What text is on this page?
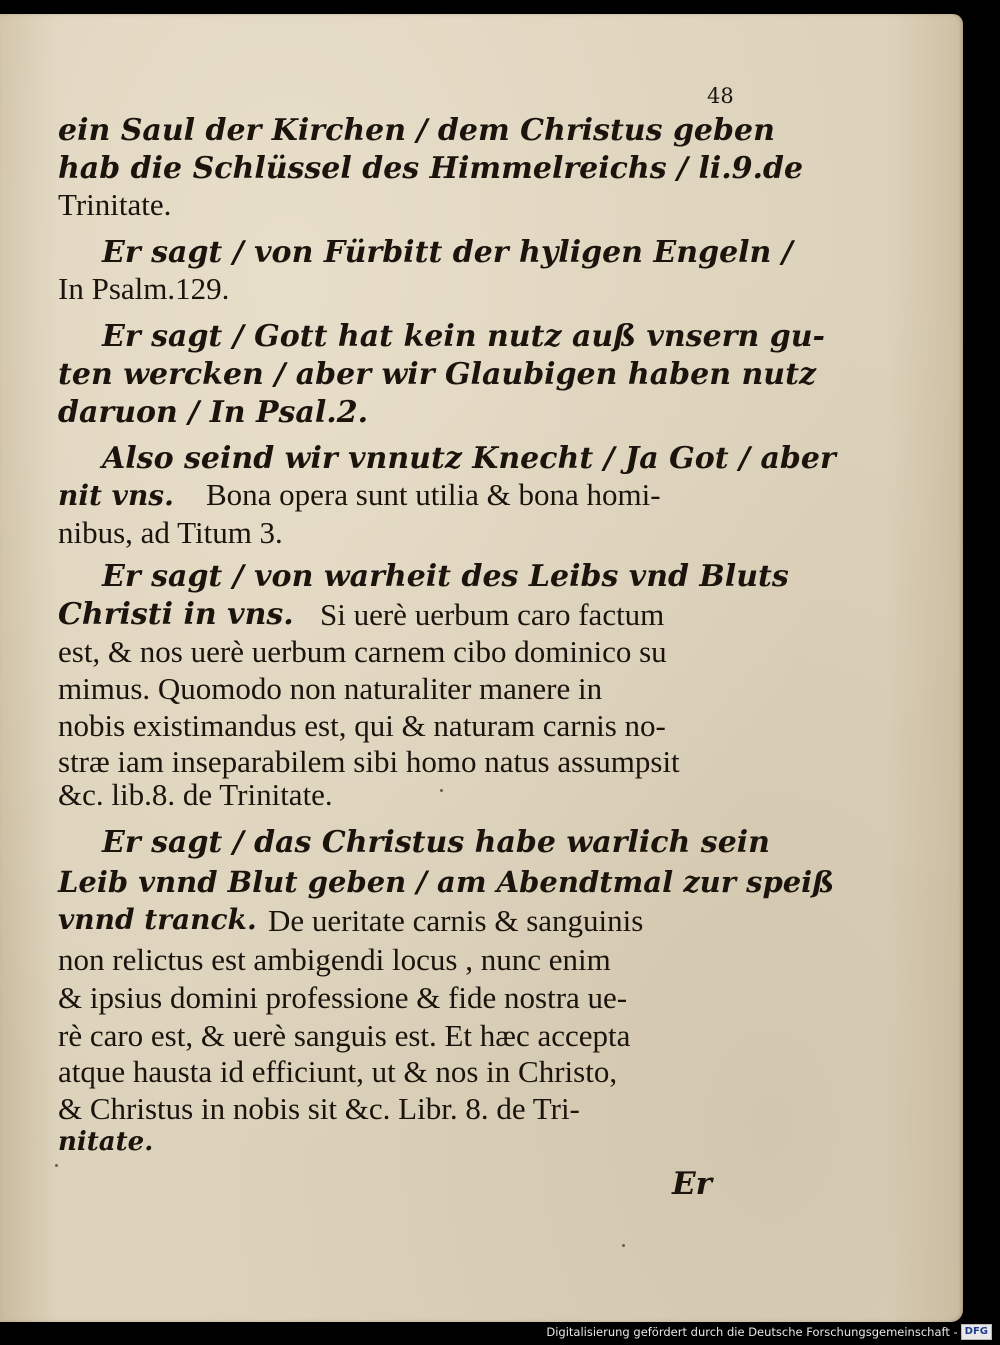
48
ein Saul der Kirchen / dem Christus geben
hab die Schlüssel des Himmelreichs / li.9.de
Trinitate.
Er sagt / von Fürbitt der hyligen Engeln /
In Psalm.129.
Er sagt / Gott hat kein nutz auß vnsern gu-
ten wercken / aber wir Glaubigen haben nutz
daruon / In Psal.2.
Also seind wir vnnutz Knecht / Ja Got / aber
nit vns. Bona opera sunt utilia & bona homi-
nibus, ad Titum 3.
Er sagt / von warheit des Leibs vnd Bluts
Christi in vns. Si uerè uerbum caro factum
est, & nos uerè uerbum carnem cibo dominico su
mimus. Quomodo non naturaliter manere in
nobis existimandus est, qui & naturam carnis no-
stræ iam inseparabilem sibi homo natus assumpsit
&c. lib.8. de Trinitate.
Er sagt / das Christus habe warlich sein
Leib vnnd Blut geben / am Abendtmal zur speiß
vnnd tranck. De ueritate carnis & sanguinis
non relictus est ambigendi locus , nunc enim
& ipsius domini professione & fide nostra ue-
rè caro est, & uerè sanguis est. Et hæc accepta
atque hausta id efficiunt, ut & nos in Christo,
& Christus in nobis sit &c. Libr. 8. de Tri-
nitate.
Er
Digitalisierung gefördert durch die Deutsche Forschungsgemeinschaft - DFG
